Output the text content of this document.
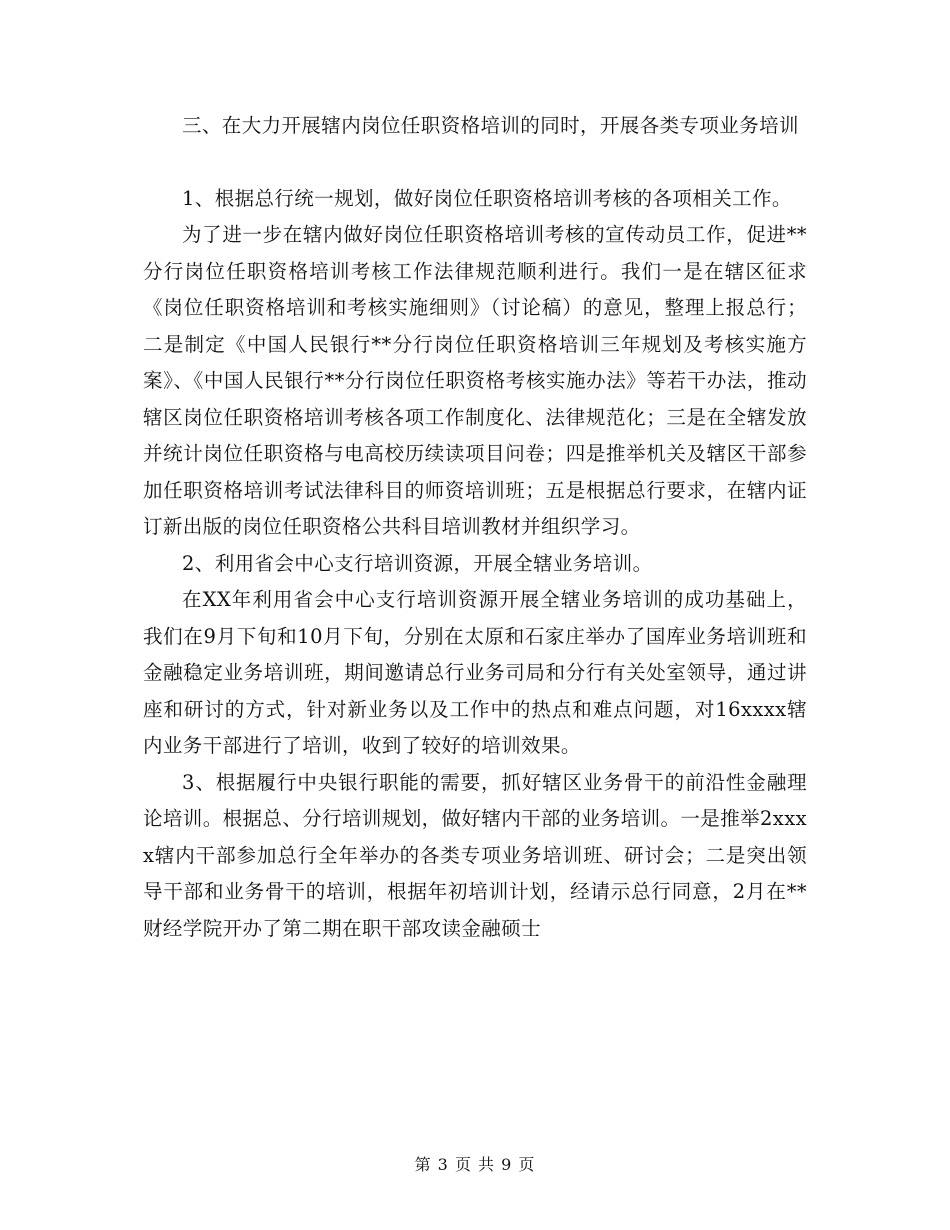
三、在大力开展辖内岗位任职资格培训的同时，开展各类专项业务培训

1、根据总行统一规划，做好岗位任职资格培训考核的各项相关工作。

为了进一步在辖内做好岗位任职资格培训考核的宣传动员工作，促进**分行岗位任职资格培训考核工作法律规范顺利进行。我们一是在辖区征求《岗位任职资格培训和考核实施细则》（讨论稿）的意见，整理上报总行；二是制定《中国人民银行**分行岗位任职资格培训三年规划及考核实施方案》、《中国人民银行**分行岗位任职资格考核实施办法》等若干办法，推动辖区岗位任职资格培训考核各项工作制度化、法律规范化；三是在全辖发放并统计岗位任职资格与电高校历续读项目问卷；四是推举机关及辖区干部参加任职资格培训考试法律科目的师资培训班；五是根据总行要求，在辖内证订新出版的岗位任职资格公共科目培训教材并组织学习。

2、利用省会中心支行培训资源，开展全辖业务培训。

在XX年利用省会中心支行培训资源开展全辖业务培训的成功基础上，我们在9月下旬和10月下旬，分别在太原和石家庄举办了国库业务培训班和金融稳定业务培训班，期间邀请总行业务司局和分行有关处室领导，通过讲座和研讨的方式，针对新业务以及工作中的热点和难点问题，对16xxxx辖内业务干部进行了培训，收到了较好的培训效果。

3、根据履行中央银行职能的需要，抓好辖区业务骨干的前沿性金融理论培训。根据总、分行培训规划，做好辖内干部的业务培训。一是推举2xxxx辖内干部参加总行全年举办的各类专项业务培训班、研讨会；二是突出领导干部和业务骨干的培训，根据年初培训计划，经请示总行同意，2月在**财经学院开办了第二期在职干部攻读金融硕士

第 3 页 共 9 页
